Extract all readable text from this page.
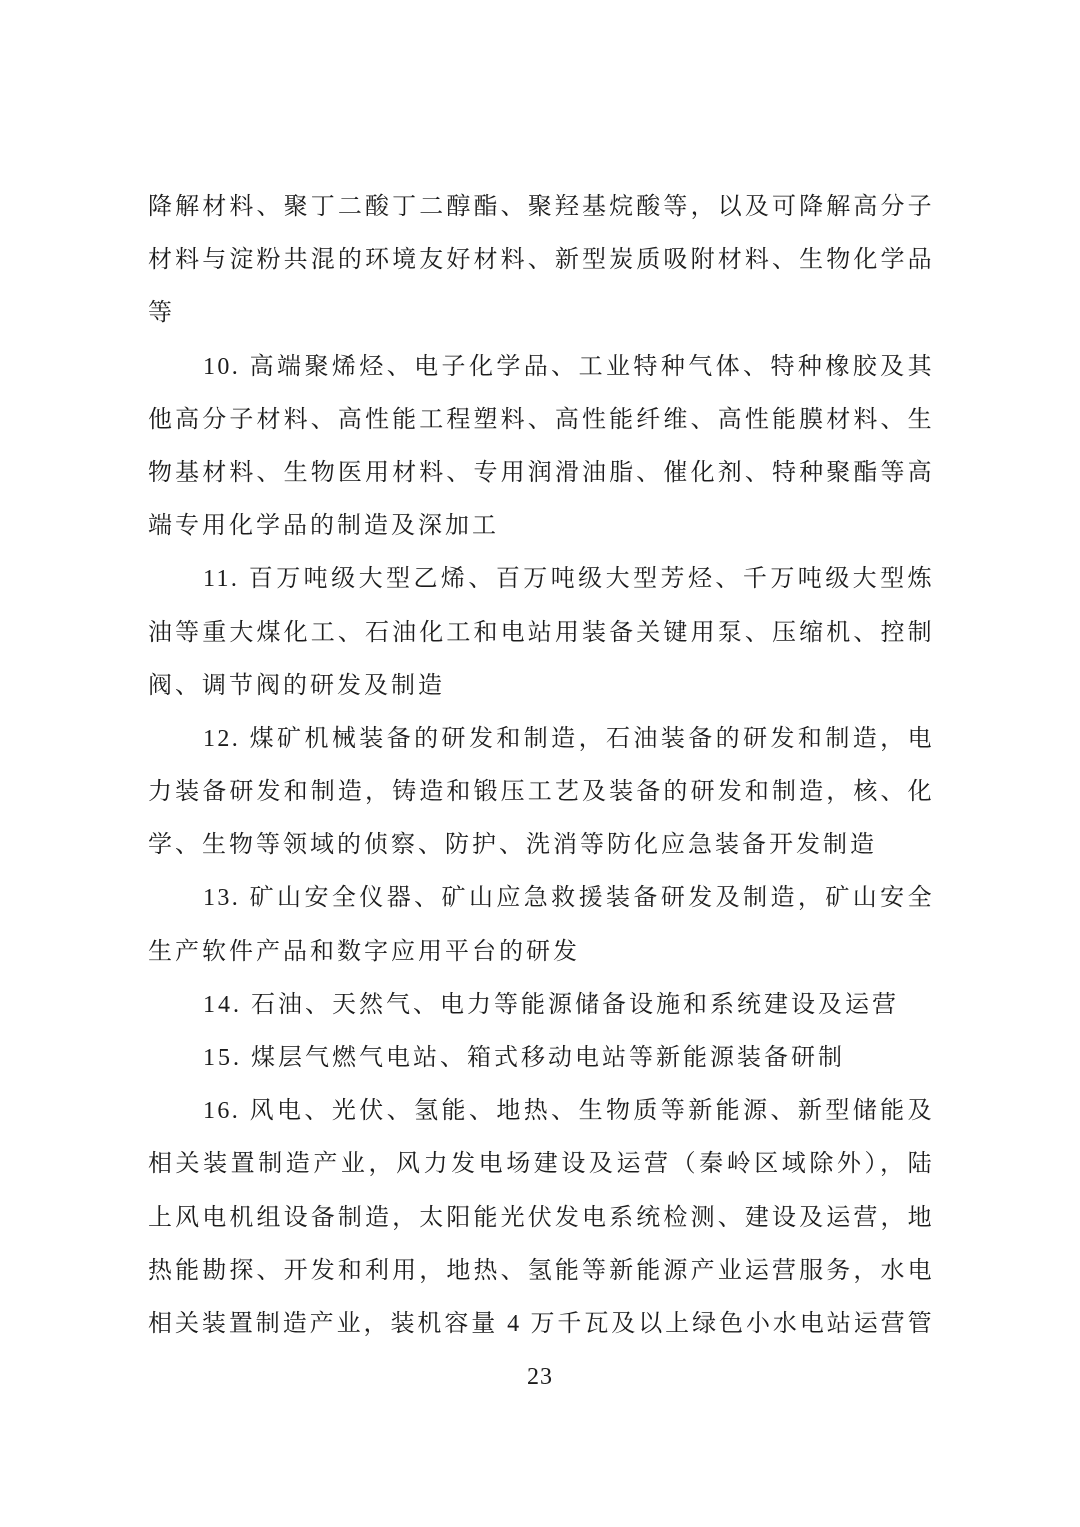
降解材料、聚丁二酸丁二醇酯、聚羟基烷酸等，以及可降解高分子
材料与淀粉共混的环境友好材料、新型炭质吸附材料、生物化学品
等
10. 高端聚烯烃、电子化学品、工业特种气体、特种橡胶及其
他高分子材料、高性能工程塑料、高性能纤维、高性能膜材料、生
物基材料、生物医用材料、专用润滑油脂、催化剂、特种聚酯等高
端专用化学品的制造及深加工
11. 百万吨级大型乙烯、百万吨级大型芳烃、千万吨级大型炼
油等重大煤化工、石油化工和电站用装备关键用泵、压缩机、控制
阀、调节阀的研发及制造
12. 煤矿机械装备的研发和制造，石油装备的研发和制造，电
力装备研发和制造，铸造和锻压工艺及装备的研发和制造，核、化
学、生物等领域的侦察、防护、洗消等防化应急装备开发制造
13. 矿山安全仪器、矿山应急救援装备研发及制造，矿山安全
生产软件产品和数字应用平台的研发
14. 石油、天然气、电力等能源储备设施和系统建设及运营
15. 煤层气燃气电站、箱式移动电站等新能源装备研制
16. 风电、光伏、氢能、地热、生物质等新能源、新型储能及
相关装置制造产业，风力发电场建设及运营（秦岭区域除外），陆
上风电机组设备制造，太阳能光伏发电系统检测、建设及运营，地
热能勘探、开发和利用，地热、氢能等新能源产业运营服务，水电
相关装置制造产业，装机容量 4 万千瓦及以上绿色小水电站运营管
23
